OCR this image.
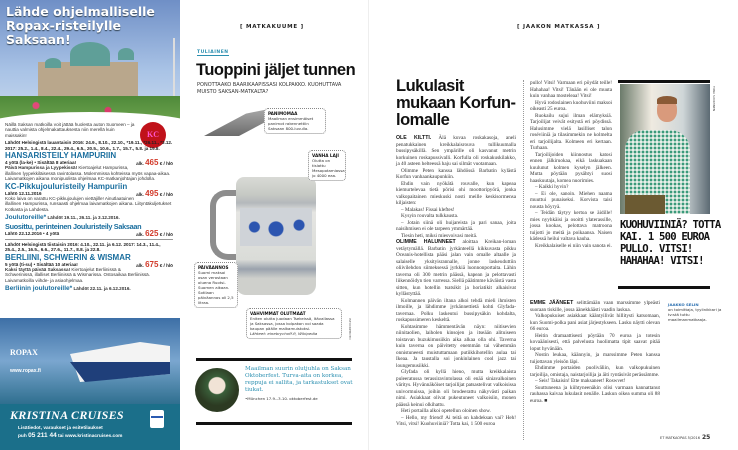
Lähde ohjelmalliselle Ropax-risteilylle Saksaan!
KC
ROPAX
www.ropax.fi

Näillä Saksan matkoilla voit jättää huolesta auton Suomeen – ja nauttia valmista ohjelmakattauksesta niin merellä kuin maissakin!

Lähdöt Helsingistä lauantaisin 2016: 24.9., 8.10., 22.10., *19.11., *26.11., *3.12. 2017: 25.2., 1.4., 8.4., 22.4., 29.4., 6.5., 20.5., 10.6., 1.7., 15.7., 5.8. ja 19.8.

HANSARISTEILY HAMPURIIN

alk. 465 € / hlö
4 yötä (la-ke) • Sisältää 8 ateriaa!

Päivä Hampurissa ja Lyypekissä! Kiertoajelut Hampurissa, illallinen lyypekkiläisessä ravintolassa. Molemmissa kohteissa myös vapaa-aikaa. Laivamatkojen aikana monipuolista ohjelmaa KC-matkanjohtajan johdolla.

KC-Pikkujouluristeily Hampuriin

alk. 495 € / hlö
Lähtö 12.11.2016

Koko laiva on varattu KC-pikkujoulujen viettäjille! Ainutlaatuinen illallinen Hampurissa, runsaasti ohjelmaa laivamatkojen aikana. Liityntäkuljetukset Kotkasta ja Lahdesta.

Joulutoreille* Lähdöt 19.11., 26.11. ja 3.12.2016.

Suosittu, perinteinen Jouluristeily Saksaan

alk. 625 € / hlö
Lähtö 22.12.2016 • 4 yötä

Lähdöt Helsingistä tiistaisin 2016: 4.10., 22.11. ja 6.12. 2017: 14.3., 11.4., 25.4., 2.5., 16.5., 6.6., 27.6., 11.7., 8.8. ja 22.8.

BERLIINI, SCHWERIN & WISMAR

alk. 675 € / hlö
5 yötä (ti-su) • Sisältää 10 ateriaa!

Kaksi täyttä päivää Saksassa! Kiertoajelut Berliinissä & Schwerinissä, illalliset Berliinissä & Wismarissa. Ostosaikaa Berliinissä. Laivamatkoilla viihde- ja asiaohjelmaa.

Berliinin joulutoreille* Lähdöt 22.11. ja 6.12.2016.

KRISTINA CRUISES
Lisätiedot, varaukset ja esitetilaukset
puh 05 211 44 tai www.kristinacruises.com
[ MATKAKUUME ]
TULIAINEN
Tuoppini jäljet tunnen
PONOTTAAKO BAARIKAAPISSASI KOLPAKKO. KUOHUTTAVA MUISTO SAKSAN-MATKALTA?
PANIMOMAA
Maailman ensimmäiset panimot rakennettiin Saksaan 800-luvulla.
VANHA LAJI
Olutta on tislattu Mesopotamiassa jo 4000 eaa.
PÄIVÄANNOS
Suomi maksoi osan verostaan oluena Ruotsi-Suomen aikaan. Sotilaan päiväannos oli 2,5 litraa.
VAHVIMMAT OLUTMAAT
Eniten olutta juodaan Tsekeissä, Itävallassa ja Saksassa, jossa kolpakon voi saada kaupan päälle malkamuistoksi.
Lähteet: einebrychoff.fi, Wikipedia	ISTOCKPHOTO
Maailman suurin olutjuhla on Saksan Oktoberfest. Turva-aita on korkea, reppuja ei sallita, ja tarkastukset ovat tiukat.
•München 17.9.–3.10. oktoberfest.de
[ JAAKON MATKASSA ]
Lukulasit mukaan Korfun-lomalle

OLE KILTTI. Älä kuvaa roskakasoja, aneli penatukkainen kreikkalaisrouva tullikuumalla bussipysäkillä. Sen ympärille oli kasvanut metrin korkuinen roskapussivalli. Korfulla oli roskakuskilakko, ja 40 asteen helteessä haju sai silmät vuotamaan.

Olimme Peten kanssa lähdössä Barbatin kylästä Korfun vanhaankaupunkiin.

Ehdin vain nyökätä rouvalle, kun kapeaa kiemurtelevaa tietä pörisi ohi moottoripyörä, jonka valkopaitainen mieskuski nosti meille keskisormensa kiljaisten:

– Malakas! Fissai kleftes!

Kysyin rouvalta tulkkausta.

– Jotain siinä oli huijareista ja pari sanaa, joita naisihmisen ei ole tarpeen ymmärtää.

Tiesin heti, miksi miesvoivasi meitä.

OLIMME HALUNNEET aloittaa Kreikan-loman vetäytymällä. Barbatin jyrkänteellä kikkuvasta pikku Oceanis-hotellista pääsi jalan vain omalle altaalle ja salaiselle yksityisrannalle, jonne laskeuduttiin oliivilehdon siimeksessä jyrkkiä luonnonportaita. Lähin taverna oli 300 metrin päässä, kapean ja pelottavasti liikennöidyn tien varressa. Siellä päätimme käväistä vasta sitten, kun hotellin tsatsikit ja horiatikit alkaisivat kyllästyttää.

Kolmannen päivän iltana alkoi tehdä mieli ihmisten ilmoille, ja lähdimme jyrkännettietä kohti Glyfada-tavernaa. Polku laskeutui bussipysäkin kohdalta, roskapussimeren keskeltä.

Kohtasimme hämmentävän näyn: niitisevien niinitaolien, laiholen kinsojen ja itseään alituiseen toistavan buzukimusiikin aika alkaa olla ohi. Taverna kuin taverna on päivitetty enemmän tai vähemmän onnistuneesti muistuttamaan putiikkihotellin aulaa tai Ikeaa. Ja taustalla soi jonkinlainen cool jazz tai loungemusiikki.

Glyfada oli kyllä hieno, mutta kreikkalaista puleeratussa terassiravintolassa oli enää siniavalkoinen väritys. Hyvännäköiset tarjoilijat patsastelivat valkoisissa univormuissa, joihin oli brodeerattu näkyvästi paikan nimi. Asiakkaat olivat pukeutuneet valkoisiin, monen päässä keinui olkihattu.

Heti portailla alkoi opetellun oloinen show.

– Hello, my friend! Ai teitä on kahdeksan vai? Heh! Vitsi, vitsi! Kuohuviiniä? Totta kai, 1 500 euroa

pullo! Vitsi! Varmaan eri pöydät teille! Hahahaa! Vitsi! Tänään ei ole muuta kuin vanhaa mosteleaa! Vitsi!

Hyvä rodoslainen kuohuviini maksoi oikeasti 25 euroa.

Ruokailu sujui ilman elämyksiä. Tarjoilijat veivät esitystä eri pöydissä. Halusimme vielä lasilliset talon roséviiniä ja tilasimmekin ne kolmelta eri tarjoilijalta. Kolmeen eri kertaan. Turhaan.

Tarjoilijoiden kiinnostus katosi ennen jälkiruokaa, eikä laskuakaan kuulunut kolmen kyselyn jälkeen. Mutta pöytään pysähtyi suosi haaskuutaja, komea nuorimies.

– Kaikki hyvin?

– Ei ole, sanoin. Miehen naama muuttui punaiseksi. Korvista taisi nousta höyryä.

– Teidän täytyy kertoa se äidille! mies nyyhkäisi ja osoitti ylaterassille, jossa kookas, pelottava matroona tuijotti jo meitä ja poikaansa. Naisen kädessä heilui valtava kauha.

Kreikkalaiselle ei niin vain sanota ei.

EMME JÄÄNEET selittämään vaan marssimme ylpeästi suoraan tiskille, jossa äänekkäästi vaadin laskua.

Valkopukuiset asiakkaat kääntyilivät hillitysti katsomaan, kun Suomi-polka pani asiat järjestykseen. Lasku näytti olevan 66 euroa.

Heitin dramaattisesti pöytään 70 euroa ja totesin kovaäänisesti, että palvelusta huolimatta tipit saavat pitää loput hyvänään.

Nostin leukaa, käännyin, ja marssimme Peten kanssa tuijottavan yleisön läpi.

Ehdimme portaiden puoliväliin, kun valkopukuinen tarjoilija, omistaja, naistarjoilija ja äiti ryntäsivät perässämme.

– Seis! Takaisin! Ette maksaneet! Roswvet!

Suuttuneena ja kiihtyneenäkin olisi varmaan kannattanut rauhassa kaivaa lukulasit nenälle. Laskun oikea summa oli 88 euroa. ■

TIINA SUOMINEN
KUOHUVIINIÄ? TOTTA KAI. 1 500 EUROA PULLO. VITSI! HAHAHAA! VITSI!
JAAKKO SELIN
on toimittaja, tyylinikkari ja tv:stä tuttu maailmanmatkaaja.
ET MATKAOPAS 5/2016 25
